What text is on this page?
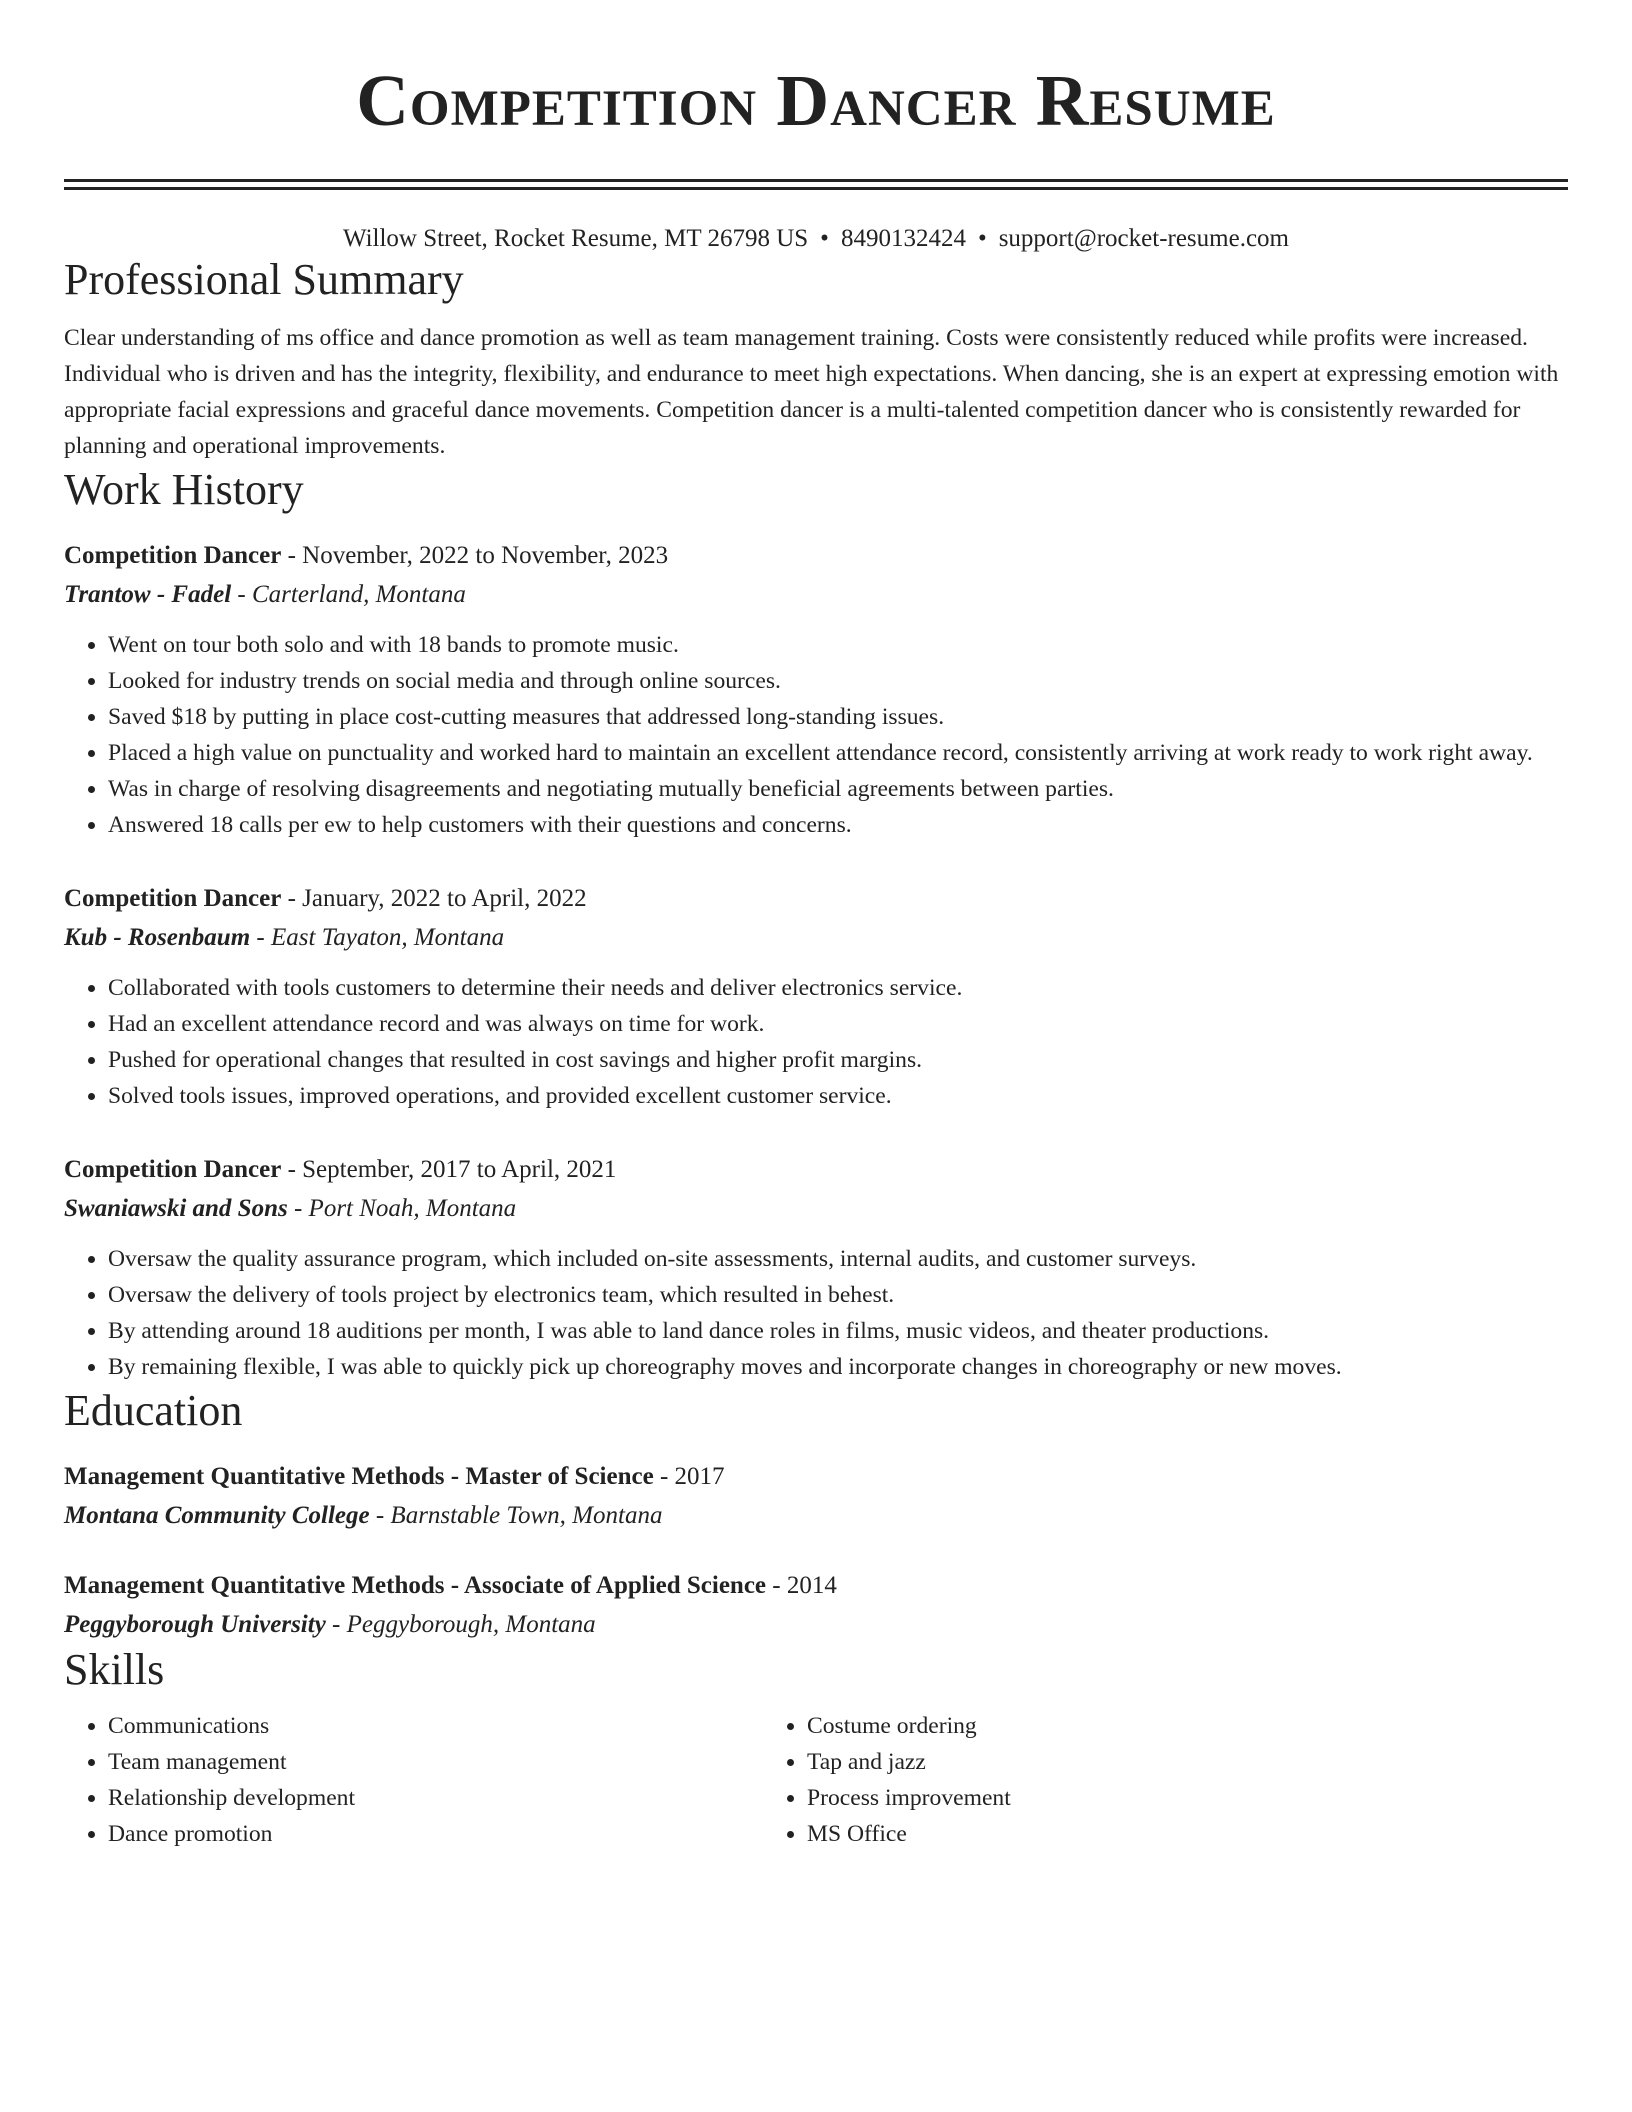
Competition Dancer Resume
Willow Street, Rocket Resume, MT 26798 US • 8490132424 • support@rocket-resume.com
Professional Summary
Clear understanding of ms office and dance promotion as well as team management training. Costs were consistently reduced while profits were increased. Individual who is driven and has the integrity, flexibility, and endurance to meet high expectations. When dancing, she is an expert at expressing emotion with appropriate facial expressions and graceful dance movements. Competition dancer is a multi-talented competition dancer who is consistently rewarded for planning and operational improvements.
Work History
Competition Dancer - November, 2022 to November, 2023
Trantow - Fadel - Carterland, Montana
• Went on tour both solo and with 18 bands to promote music.
• Looked for industry trends on social media and through online sources.
• Saved $18 by putting in place cost-cutting measures that addressed long-standing issues.
• Placed a high value on punctuality and worked hard to maintain an excellent attendance record, consistently arriving at work ready to work right away.
• Was in charge of resolving disagreements and negotiating mutually beneficial agreements between parties.
• Answered 18 calls per ew to help customers with their questions and concerns.
Competition Dancer - January, 2022 to April, 2022
Kub - Rosenbaum - East Tayaton, Montana
• Collaborated with tools customers to determine their needs and deliver electronics service.
• Had an excellent attendance record and was always on time for work.
• Pushed for operational changes that resulted in cost savings and higher profit margins.
• Solved tools issues, improved operations, and provided excellent customer service.
Competition Dancer - September, 2017 to April, 2021
Swaniawski and Sons - Port Noah, Montana
• Oversaw the quality assurance program, which included on-site assessments, internal audits, and customer surveys.
• Oversaw the delivery of tools project by electronics team, which resulted in behest.
• By attending around 18 auditions per month, I was able to land dance roles in films, music videos, and theater productions.
• By remaining flexible, I was able to quickly pick up choreography moves and incorporate changes in choreography or new moves.
Education
Management Quantitative Methods - Master of Science - 2017
Montana Community College - Barnstable Town, Montana
Management Quantitative Methods - Associate of Applied Science - 2014
Peggyborough University - Peggyborough, Montana
Skills
• Communications
• Team management
• Relationship development
• Dance promotion
• Costume ordering
• Tap and jazz
• Process improvement
• MS Office
